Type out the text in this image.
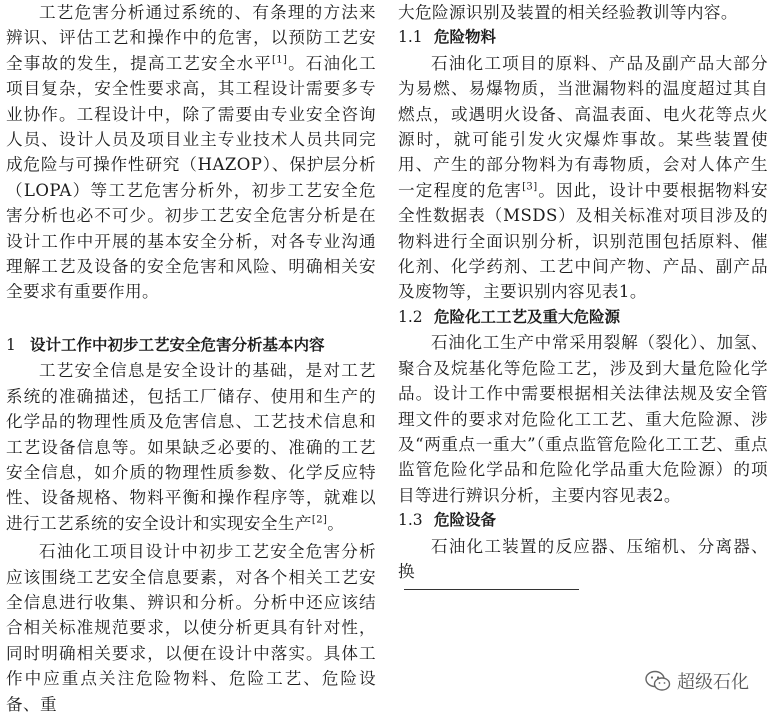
工艺危害分析通过系统的、有条理的方法来辨识、评估工艺和操作中的危害，以预防工艺安全事故的发生，提高工艺安全水平[1]。石油化工项目复杂，安全性要求高，其工程设计需要多专业协作。工程设计中，除了需要由专业安全咨询人员、设计人员及项目业主专业技术人员共同完成危险与可操作性研究（HAZOP）、保护层分析（LOPA）等工艺危害分析外，初步工艺安全危害分析也必不可少。初步工艺安全危害分析是在设计工作中开展的基本安全分析，对各专业沟通理解工艺及设备的安全危害和风险、明确相关安全要求有重要作用。

1 设计工作中初步工艺安全危害分析基本内容

工艺安全信息是安全设计的基础，是对工艺系统的准确描述，包括工厂储存、使用和生产的化学品的物理性质及危害信息、工艺技术信息和工艺设备信息等。如果缺乏必要的、准确的工艺安全信息，如介质的物理性质参数、化学反应特性、设备规格、物料平衡和操作程序等，就难以进行工艺系统的安全设计和实现安全生产[2]。

石油化工项目设计中初步工艺安全危害分析应该围绕工艺安全信息要素，对各个相关工艺安全信息进行收集、辨识和分析。分析中还应该结合相关标准规范要求，以使分析更具有针对性，同时明确相关要求，以便在设计中落实。具体工作中应重点关注危险物料、危险工艺、危险设备、重

大危险源识别及装置的相关经验教训等内容。

1.1 危险物料

石油化工项目的原料、产品及副产品大部分为易燃、易爆物质，当泄漏物料的温度超过其自燃点，或遇明火设备、高温表面、电火花等点火源时，就可能引发火灾爆炸事故。某些装置使用、产生的部分物料为有毒物质，会对人体产生一定程度的危害[3]。因此，设计中要根据物料安全性数据表（MSDS）及相关标准对项目涉及的物料进行全面识别分析，识别范围包括原料、催化剂、化学药剂、工艺中间产物、产品、副产品及废物等，主要识别内容见表1。

1.2 危险化工工艺及重大危险源

石油化工生产中常采用裂解（裂化）、加氢、聚合及烷基化等危险工艺，涉及到大量危险化学品。设计工作中需要根据相关法律法规及安全管理文件的要求对危险化工工艺、重大危险源、涉及“两重点一重大”（重点监管危险化工工艺、重点监管危险化学品和危险化学品重大危险源）的项目等进行辨识分析，主要内容见表2。

1.3 危险设备

石油化工装置的反应器、压缩机、分离器、换

超级石化
